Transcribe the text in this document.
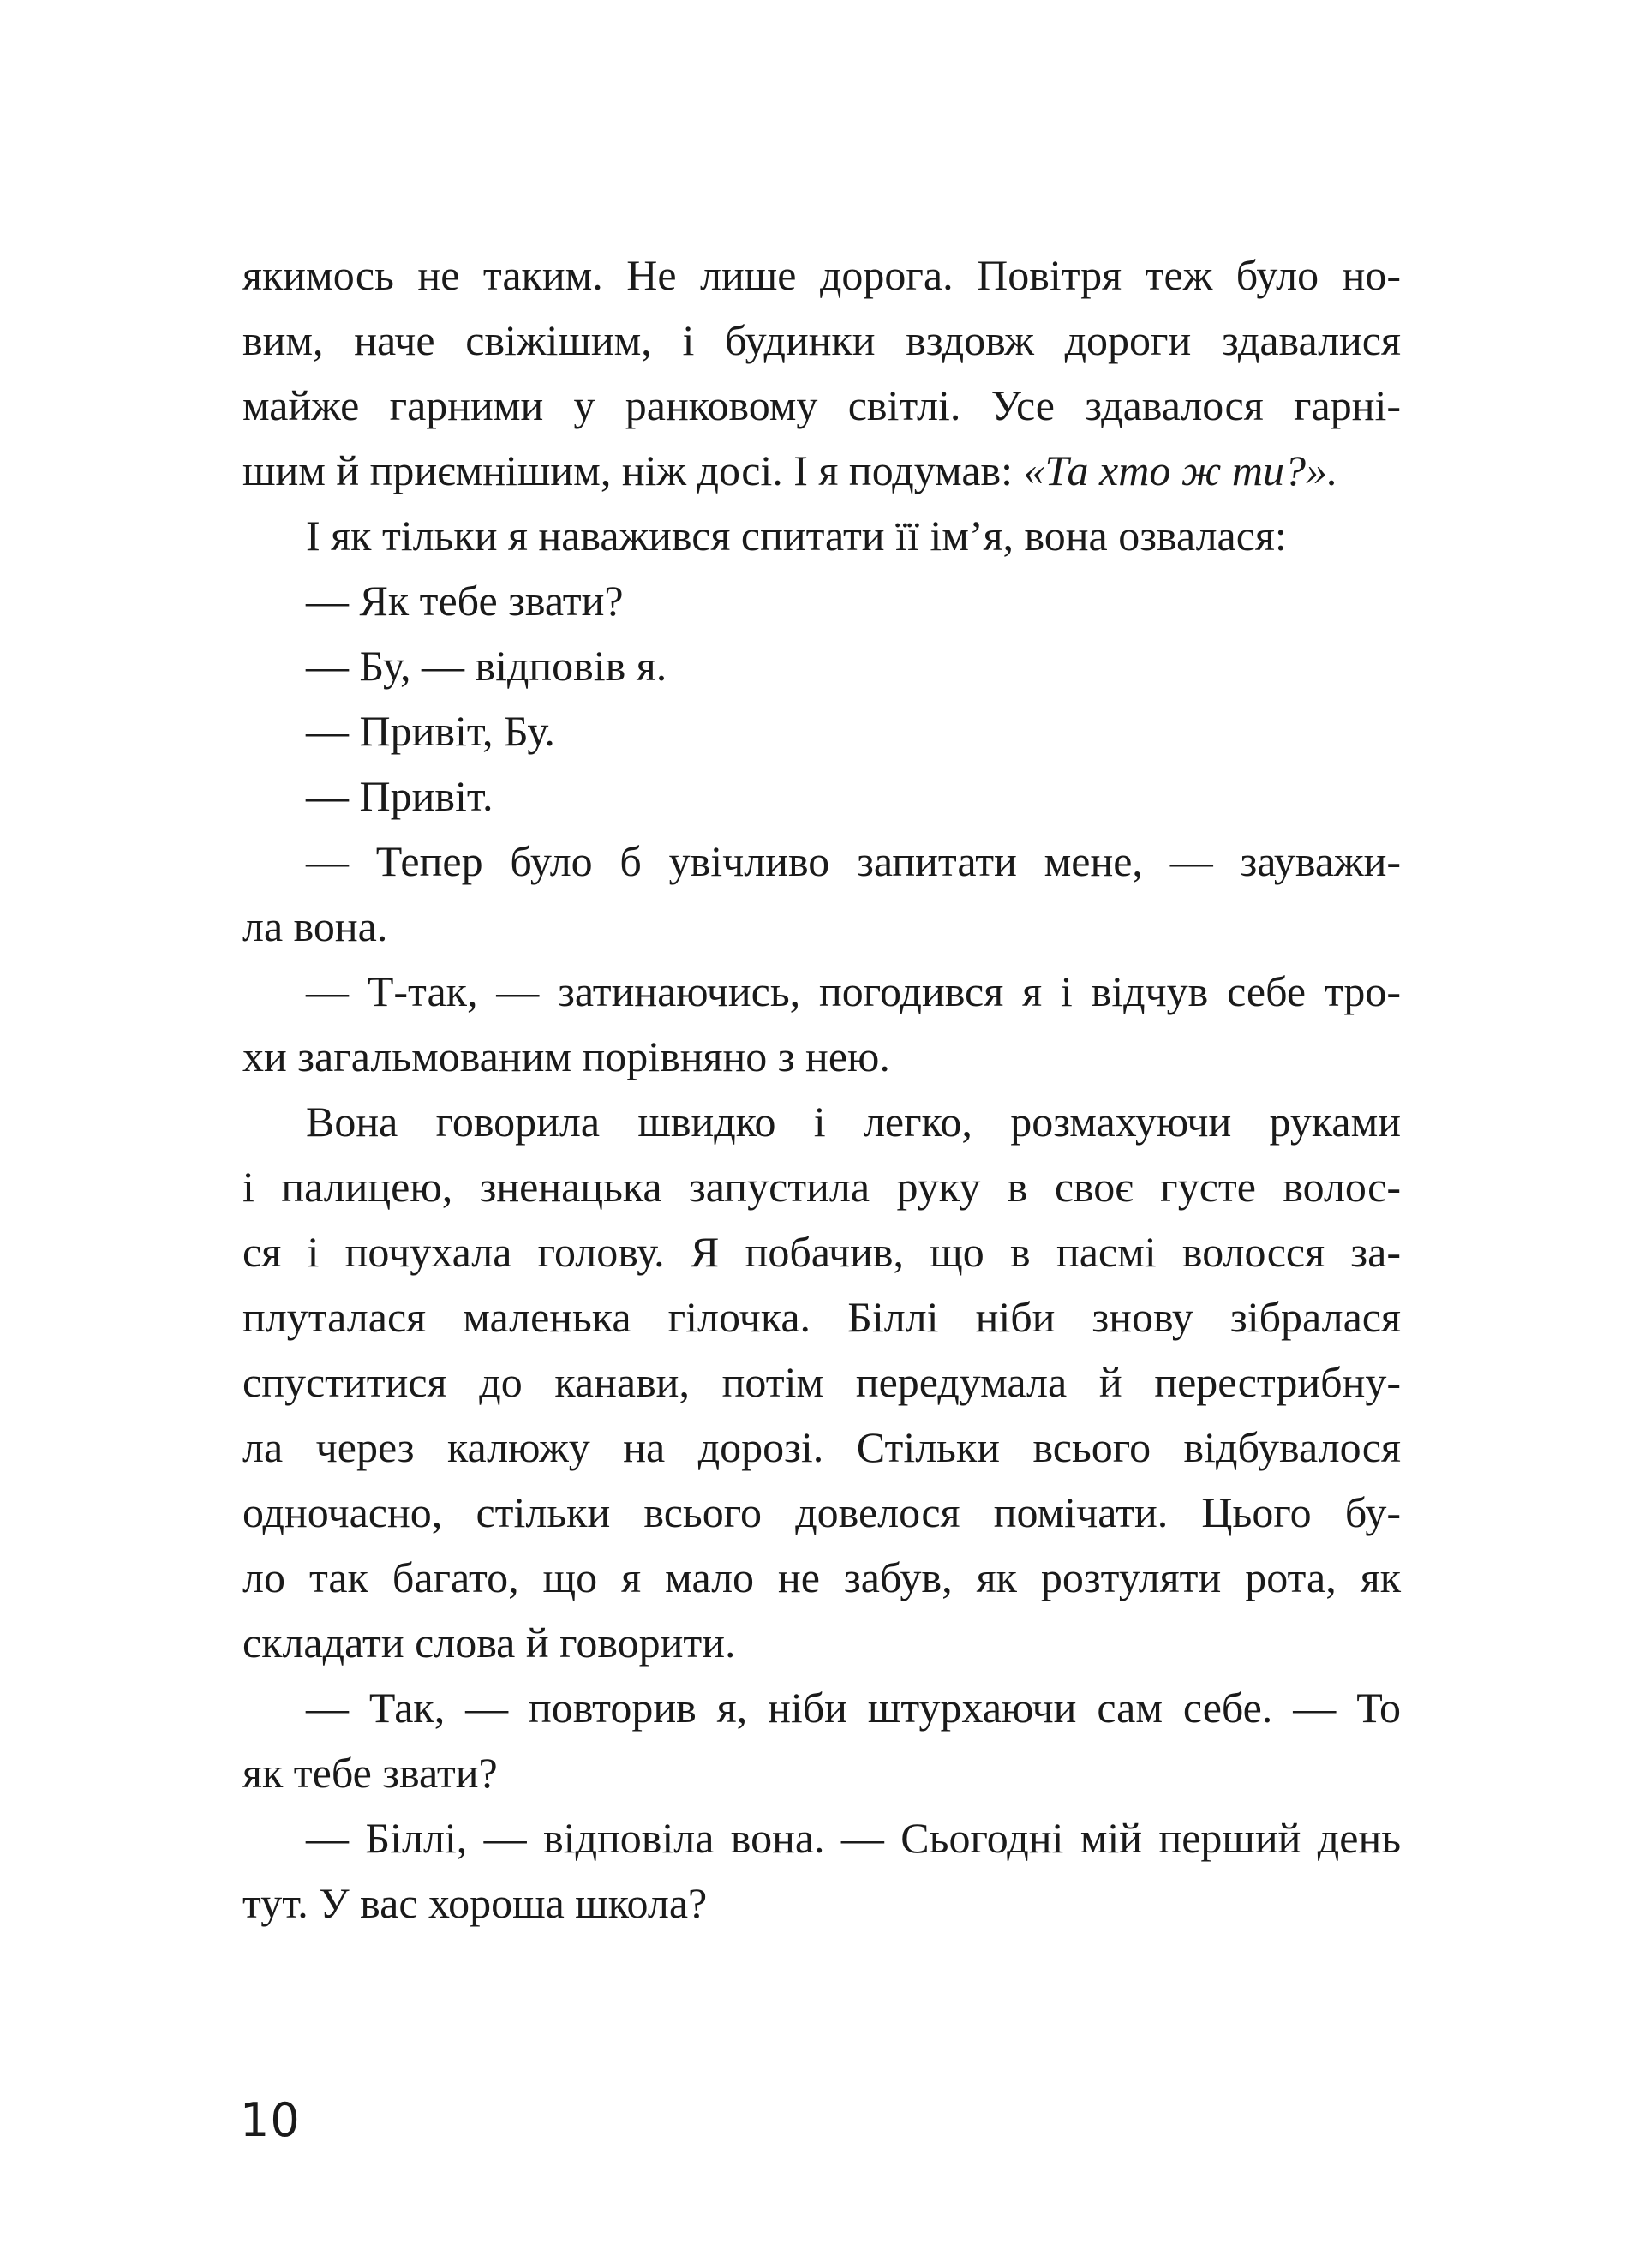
якимось не таким. Не лише дорога. Повітря теж було но-
вим, наче свіжішим, і будинки вздовж дороги здавалися
майже гарними у ранковому світлі. Усе здавалося гарні-
шим й приємнішим, ніж досі. І я подумав: «Та хто ж ти?».
І як тільки я наважився спитати її ім’я, вона озвалася:
— Як тебе звати?
— Бу, — відповів я.
— Привіт, Бу.
— Привіт.
— Тепер було б увічливо запитати мене, — зауважи-
ла вона.
— Т-так, — затинаючись, погодився я і відчув себе тро-
хи загальмованим порівняно з нею.
Вона говорила швидко і легко, розмахуючи руками
і палицею, зненацька запустила руку в своє густе волос-
ся і почухала голову. Я побачив, що в пасмі волосся за-
плуталася маленька гілочка. Біллі ніби знову зібралася
спуститися до канави, потім передумала й перестрибну-
ла через калюжу на дорозі. Стільки всього відбувалося
одночасно, стільки всього довелося помічати. Цього бу-
ло так багато, що я мало не забув, як розтуляти рота, як
складати слова й говорити.
— Так, — повторив я, ніби штурхаючи сам себе. — То
як тебе звати?
— Біллі, — відповіла вона. — Сьогодні мій перший день
тут. У вас хороша школа?
10
